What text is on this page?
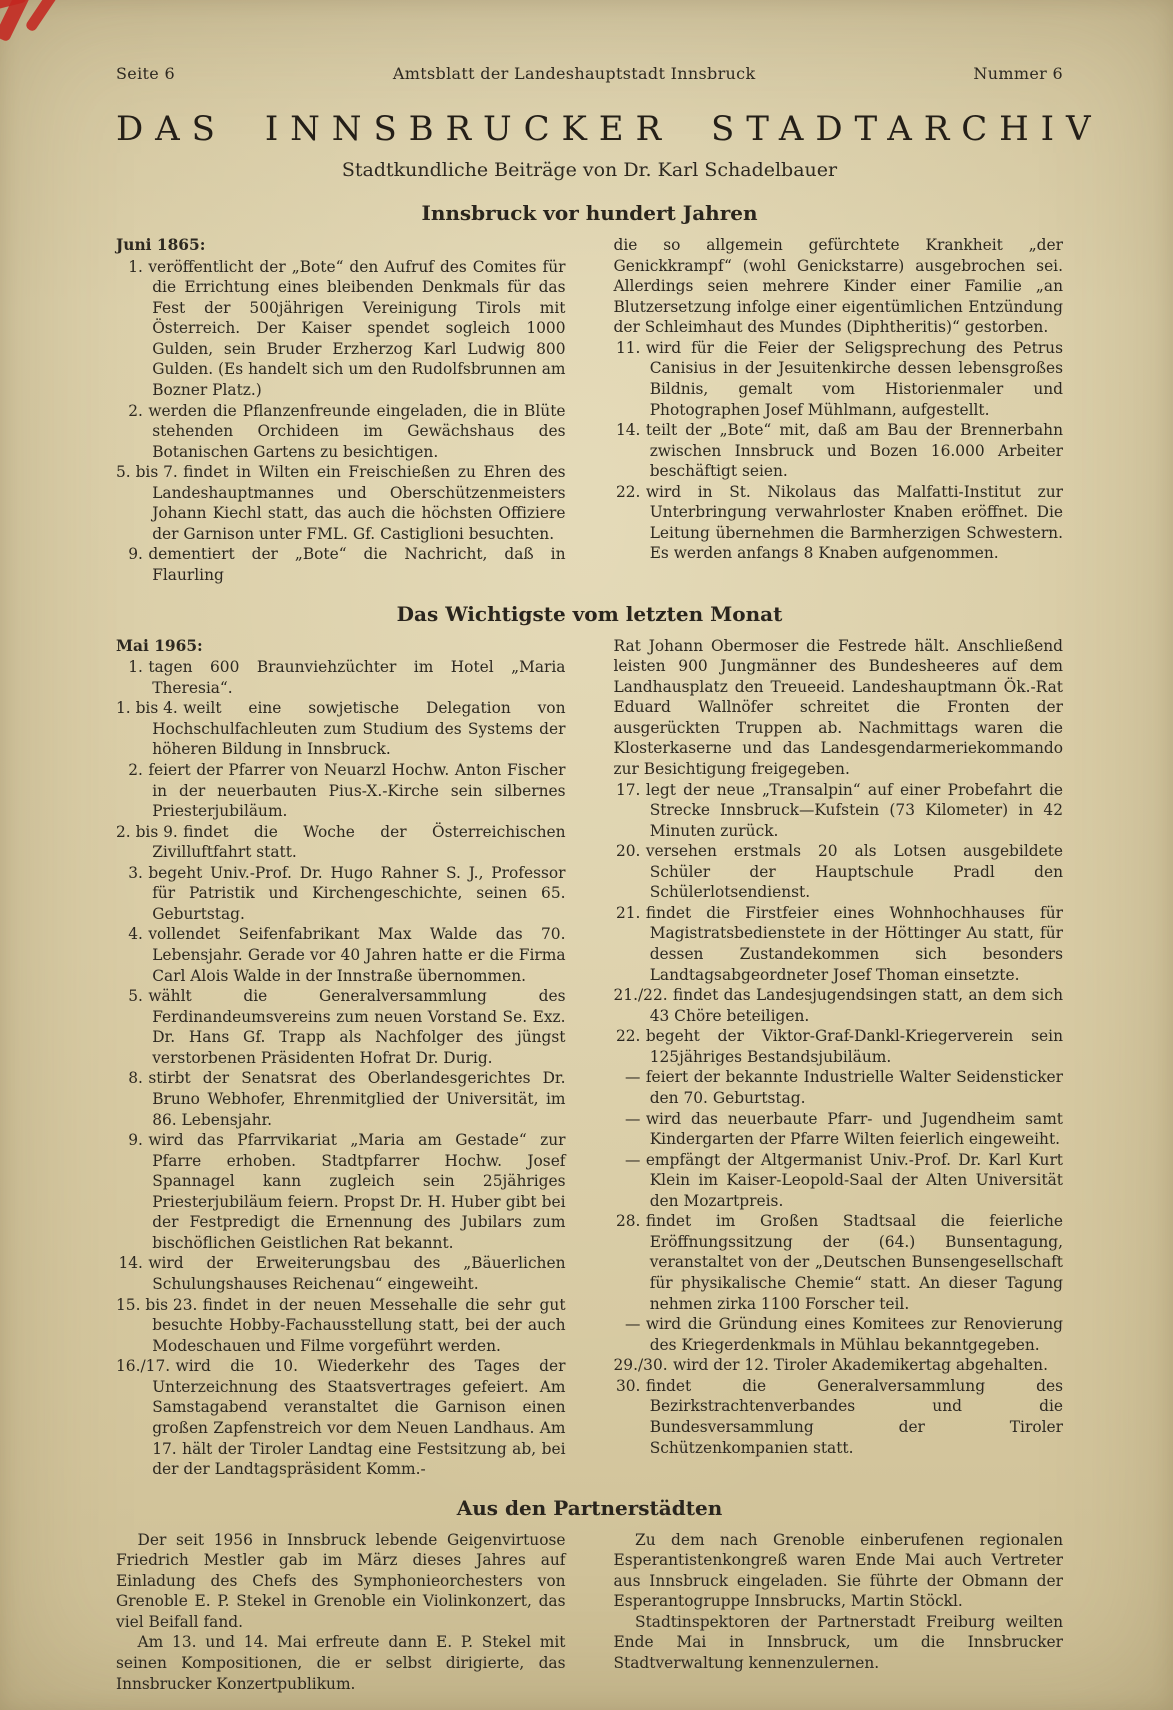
Seite 6	Amtsblatt der Landeshauptstadt Innsbruck	Nummer 6
DAS INNSBRUCKER STADTARCHIV

Stadtkundliche Beiträge von Dr. Karl Schadelbauer

Innsbruck vor hundert Jahren

Juni 1865:

1. veröffentlicht der „Bote“ den Aufruf des Comites für die Errichtung eines bleibenden Denkmals für das Fest der 500jährigen Vereinigung Tirols mit Österreich. Der Kaiser spendet sogleich 1000 Gulden, sein Bruder Erzherzog Karl Ludwig 800 Gulden. (Es handelt sich um den Rudolfsbrunnen am Bozner Platz.)

2. werden die Pflanzenfreunde eingeladen, die in Blüte stehenden Orchideen im Gewächshaus des Botanischen Gartens zu besichtigen.

5. bis 7. findet in Wilten ein Freischießen zu Ehren des Landeshauptmannes und Oberschützenmeisters Johann Kiechl statt, das auch die höchsten Offiziere der Garnison unter FML. Gf. Castiglioni besuchten.

9. dementiert der „Bote“ die Nachricht, daß in Flaurling

die so allgemein gefürchtete Krankheit „der Genickkrampf“ (wohl Genickstarre) ausgebrochen sei. Allerdings seien mehrere Kinder einer Familie „an Blutzersetzung infolge einer eigentümlichen Entzündung der Schleimhaut des Mundes (Diphtheritis)“ gestorben.

11. wird für die Feier der Seligsprechung des Petrus Canisius in der Jesuitenkirche dessen lebensgroßes Bildnis, gemalt vom Historienmaler und Photographen Josef Mühlmann, aufgestellt.

14. teilt der „Bote“ mit, daß am Bau der Brennerbahn zwischen Innsbruck und Bozen 16.000 Arbeiter beschäftigt seien.

22. wird in St. Nikolaus das Malfatti-Institut zur Unterbringung verwahrloster Knaben eröffnet. Die Leitung übernehmen die Barmherzigen Schwestern. Es werden anfangs 8 Knaben aufgenommen.

Das Wichtigste vom letzten Monat

Mai 1965:

1. tagen 600 Braunviehzüchter im Hotel „Maria Theresia“.

1. bis 4. weilt eine sowjetische Delegation von Hochschulfachleuten zum Studium des Systems der höheren Bildung in Innsbruck.

2. feiert der Pfarrer von Neuarzl Hochw. Anton Fischer in der neuerbauten Pius-X.-Kirche sein silbernes Priesterjubiläum.

2. bis 9. findet die Woche der Österreichischen Zivilluftfahrt statt.

3. begeht Univ.-Prof. Dr. Hugo Rahner S. J., Professor für Patristik und Kirchengeschichte, seinen 65. Geburtstag.

4. vollendet Seifenfabrikant Max Walde das 70. Lebensjahr. Gerade vor 40 Jahren hatte er die Firma Carl Alois Walde in der Innstraße übernommen.

5. wählt die Generalversammlung des Ferdinandeumsvereins zum neuen Vorstand Se. Exz. Dr. Hans Gf. Trapp als Nachfolger des jüngst verstorbenen Präsidenten Hofrat Dr. Durig.

8. stirbt der Senatsrat des Oberlandesgerichtes Dr. Bruno Webhofer, Ehrenmitglied der Universität, im 86. Lebensjahr.

9. wird das Pfarrvikariat „Maria am Gestade“ zur Pfarre erhoben. Stadtpfarrer Hochw. Josef Spannagel kann zugleich sein 25jähriges Priesterjubiläum feiern. Propst Dr. H. Huber gibt bei der Festpredigt die Ernennung des Jubilars zum bischöflichen Geistlichen Rat bekannt.

14. wird der Erweiterungsbau des „Bäuerlichen Schulungshauses Reichenau“ eingeweiht.

15. bis 23. findet in der neuen Messehalle die sehr gut besuchte Hobby-Fachausstellung statt, bei der auch Modeschauen und Filme vorgeführt werden.

16./17. wird die 10. Wiederkehr des Tages der Unterzeichnung des Staatsvertrages gefeiert. Am Samstagabend veranstaltet die Garnison einen großen Zapfenstreich vor dem Neuen Landhaus. Am 17. hält der Tiroler Landtag eine Festsitzung ab, bei der der Landtagspräsident Komm.-

Rat Johann Obermoser die Festrede hält. Anschließend leisten 900 Jungmänner des Bundesheeres auf dem Landhausplatz den Treueeid. Landeshauptmann Ök.-Rat Eduard Wallnöfer schreitet die Fronten der ausgerückten Truppen ab. Nachmittags waren die Klosterkaserne und das Landesgendarmeriekommando zur Besichtigung freigegeben.

17. legt der neue „Transalpin“ auf einer Probefahrt die Strecke Innsbruck—Kufstein (73 Kilometer) in 42 Minuten zurück.

20. versehen erstmals 20 als Lotsen ausgebildete Schüler der Hauptschule Pradl den Schülerlotsendienst.

21. findet die Firstfeier eines Wohnhochhauses für Magistratsbedienstete in der Höttinger Au statt, für dessen Zustandekommen sich besonders Landtagsabgeordneter Josef Thoman einsetzte.

21./22. findet das Landesjugendsingen statt, an dem sich 43 Chöre beteiligen.

22. begeht der Viktor-Graf-Dankl-Kriegerverein sein 125jähriges Bestandsjubiläum.

— feiert der bekannte Industrielle Walter Seidensticker den 70. Geburtstag.

— wird das neuerbaute Pfarr- und Jugendheim samt Kindergarten der Pfarre Wilten feierlich eingeweiht.

— empfängt der Altgermanist Univ.-Prof. Dr. Karl Kurt Klein im Kaiser-Leopold-Saal der Alten Universität den Mozartpreis.

28. findet im Großen Stadtsaal die feierliche Eröffnungssitzung der (64.) Bunsentagung, veranstaltet von der „Deutschen Bunsengesellschaft für physikalische Chemie“ statt. An dieser Tagung nehmen zirka 1100 Forscher teil.

— wird die Gründung eines Komitees zur Renovierung des Kriegerdenkmals in Mühlau bekanntgegeben.

29./30. wird der 12. Tiroler Akademikertag abgehalten.

30. findet die Generalversammlung des Bezirkstrachtenverbandes und die Bundesversammlung der Tiroler Schützenkompanien statt.

Aus den Partnerstädten

Der seit 1956 in Innsbruck lebende Geigenvirtuose Friedrich Mestler gab im März dieses Jahres auf Einladung des Chefs des Symphonieorchesters von Grenoble E. P. Stekel in Grenoble ein Violinkonzert, das viel Beifall fand.

Am 13. und 14. Mai erfreute dann E. P. Stekel mit seinen Kompositionen, die er selbst dirigierte, das Innsbrucker Konzertpublikum.

Zu dem nach Grenoble einberufenen regionalen Esperantistenkongreß waren Ende Mai auch Vertreter aus Innsbruck eingeladen. Sie führte der Obmann der Esperantogruppe Innsbrucks, Martin Stöckl.

Stadtinspektoren der Partnerstadt Freiburg weilten Ende Mai in Innsbruck, um die Innsbrucker Stadtverwaltung kennenzulernen.
